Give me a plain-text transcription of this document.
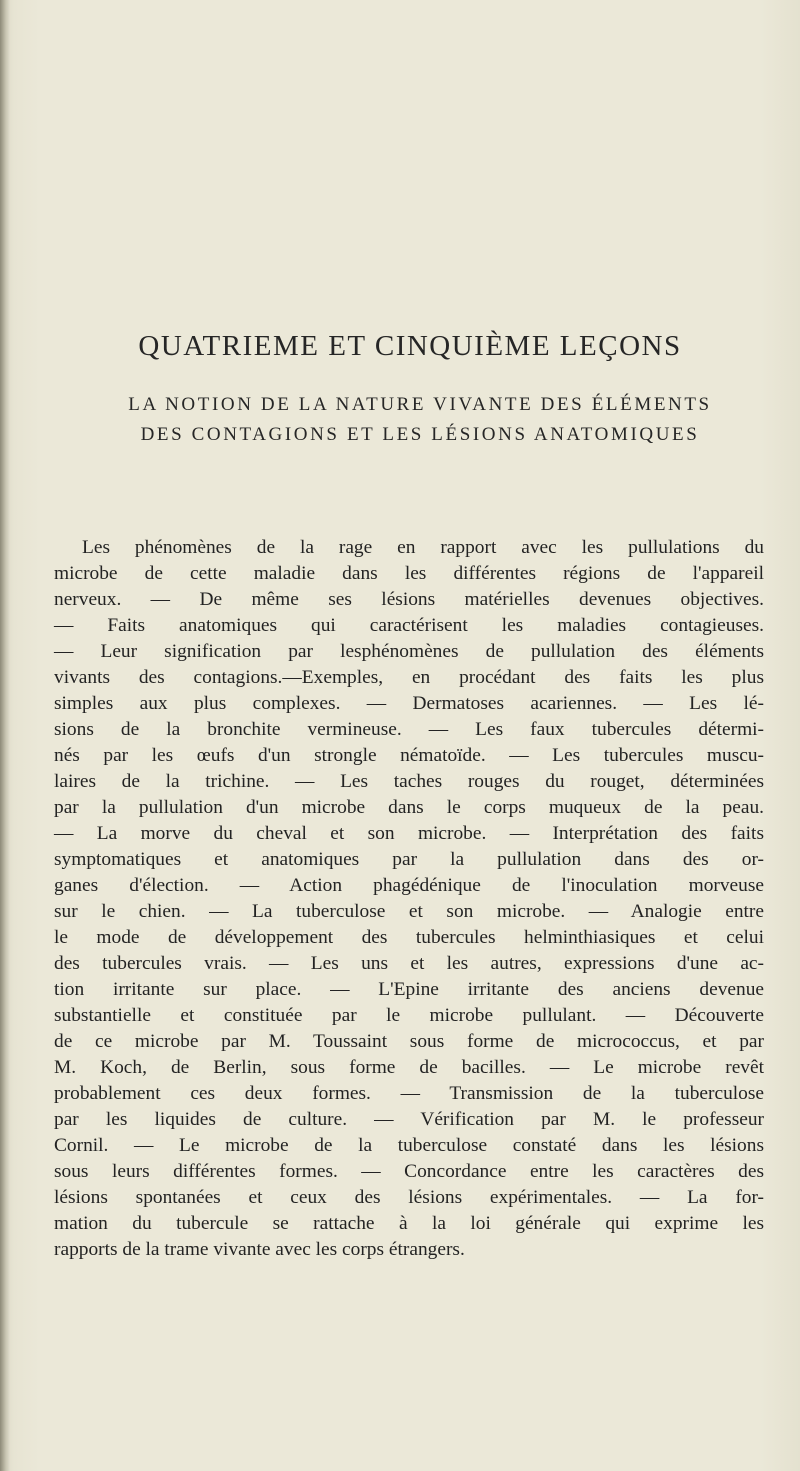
QUATRIEME ET CINQUIÈME LEÇONS
LA NOTION DE LA NATURE VIVANTE DES ÉLÉMENTS
DES CONTAGIONS ET LES LÉSIONS ANATOMIQUES
Les phénomènes de la rage en rapport avec les pullulations du
microbe de cette maladie dans les différentes régions de l'appareil
nerveux. — De même ses lésions matérielles devenues objectives.
— Faits anatomiques qui caractérisent les maladies contagieuses.
— Leur signification par lesphénomènes de pullulation des éléments
vivants des contagions.—Exemples, en procédant des faits les plus
simples aux plus complexes. — Dermatoses acariennes. — Les lé-
sions de la bronchite vermineuse. — Les faux tubercules détermi-
nés par les œufs d'un strongle nématoïde. — Les tubercules muscu-
laires de la trichine. — Les taches rouges du rouget, déterminées
par la pullulation d'un microbe dans le corps muqueux de la peau.
— La morve du cheval et son microbe. — Interprétation des faits
symptomatiques et anatomiques par la pullulation dans des or-
ganes d'élection. — Action phagédénique de l'inoculation morveuse
sur le chien. — La tuberculose et son microbe. — Analogie entre
le mode de développement des tubercules helminthiasiques et celui
des tubercules vrais. — Les uns et les autres, expressions d'une ac-
tion irritante sur place. — L'Epine irritante des anciens devenue
substantielle et constituée par le microbe pullulant. — Découverte
de ce microbe par M. Toussaint sous forme de micrococcus, et par
M. Koch, de Berlin, sous forme de bacilles. — Le microbe revêt
probablement ces deux formes. — Transmission de la tuberculose
par les liquides de culture. — Vérification par M. le professeur
Cornil. — Le microbe de la tuberculose constaté dans les lésions
sous leurs différentes formes. — Concordance entre les caractères des
lésions spontanées et ceux des lésions expérimentales. — La for-
mation du tubercule se rattache à la loi générale qui exprime les
rapports de la trame vivante avec les corps étrangers.
